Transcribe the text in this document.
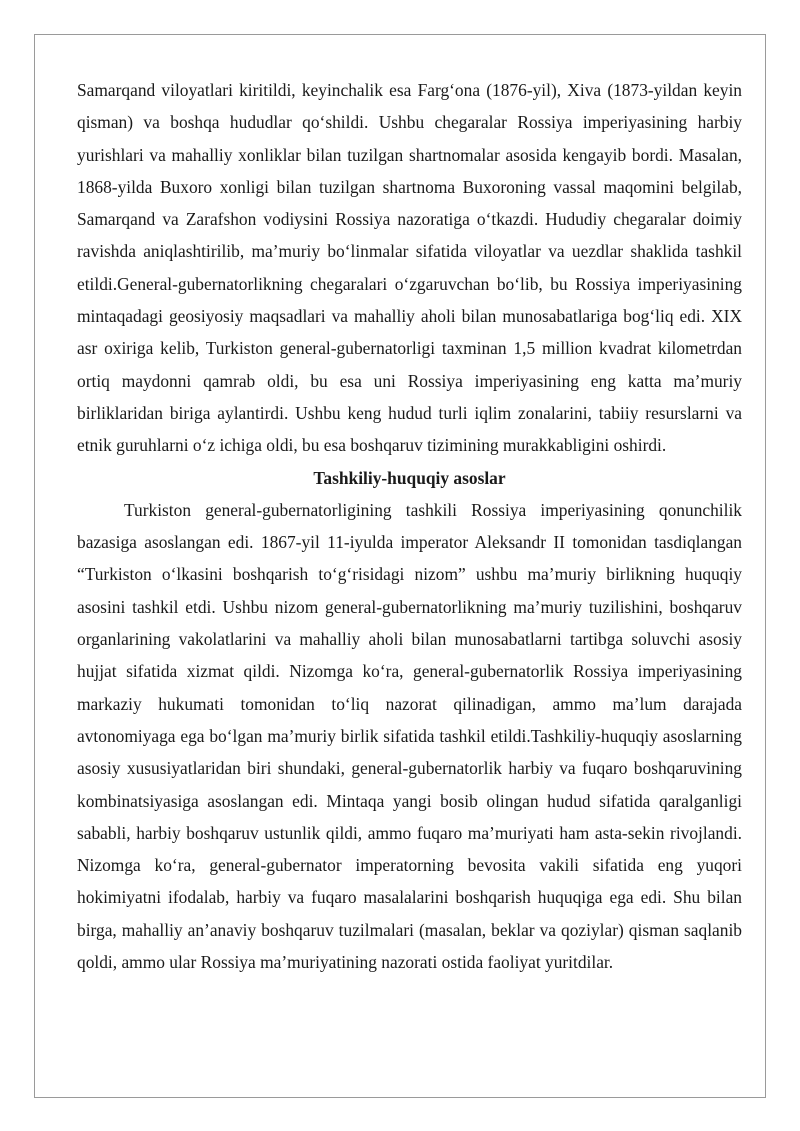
Samarqand viloyatlari kiritildi, keyinchalik esa Farg‘ona (1876-yil), Xiva (1873-yildan keyin qisman) va boshqa hududlar qo‘shildi. Ushbu chegaralar Rossiya imperiyasining harbiy yurishlari va mahalliy xonliklar bilan tuzilgan shartnomalar asosida kengayib bordi. Masalan, 1868-yilda Buxoro xonligi bilan tuzilgan shartnoma Buxoroning vassal maqomini belgilab, Samarqand va Zarafshon vodiysini Rossiya nazoratiga o‘tkazdi. Hududiy chegaralar doimiy ravishda aniqlashtirilib, ma’muriy bo‘linmalar sifatida viloyatlar va uezdlar shaklida tashkil etildi.General-gubernatorlikning chegaralari o‘zgaruvchan bo‘lib, bu Rossiya imperiyasining mintaqadagi geosiyosiy maqsadlari va mahalliy aholi bilan munosabatlariga bog‘liq edi. XIX asr oxiriga kelib, Turkiston general-gubernatorligi taxminan 1,5 million kvadrat kilometrdan ortiq maydonni qamrab oldi, bu esa uni Rossiya imperiyasining eng katta ma’muriy birliklaridan biriga aylantirdi. Ushbu keng hudud turli iqlim zonalarini, tabiiy resurslarni va etnik guruhlarni o‘z ichiga oldi, bu esa boshqaruv tizimining murakkabligini oshirdi.

Tashkiliy-huquqiy asoslar

Turkiston general-gubernatorligining tashkili Rossiya imperiyasining qonunchilik bazasiga asoslangan edi. 1867-yil 11-iyulda imperator Aleksandr II tomonidan tasdiqlangan “Turkiston o‘lkasini boshqarish to‘g‘risidagi nizom” ushbu ma’muriy birlikning huquqiy asosini tashkil etdi. Ushbu nizom general-gubernatorlikning ma’muriy tuzilishini, boshqaruv organlarining vakolatlarini va mahalliy aholi bilan munosabatlarni tartibga soluvchi asosiy hujjat sifatida xizmat qildi. Nizomga ko‘ra, general-gubernatorlik Rossiya imperiyasining markaziy hukumati tomonidan to‘liq nazorat qilinadigan, ammo ma’lum darajada avtonomiyaga ega bo‘lgan ma’muriy birlik sifatida tashkil etildi.Tashkiliy-huquqiy asoslarning asosiy xususiyatlaridan biri shundaki, general-gubernatorlik harbiy va fuqaro boshqaruvining kombinatsiyasiga asoslangan edi. Mintaqa yangi bosib olingan hudud sifatida qaralganligi sababli, harbiy boshqaruv ustunlik qildi, ammo fuqaro ma’muriyati ham asta-sekin rivojlandi. Nizomga ko‘ra, general-gubernator imperatorning bevosita vakili sifatida eng yuqori hokimiyatni ifodalab, harbiy va fuqaro masalalarini boshqarish huquqiga ega edi. Shu bilan birga, mahalliy an’anaviy boshqaruv tuzilmalari (masalan, beklar va qoziylar) qisman saqlanib qoldi, ammo ular Rossiya ma’muriyatining nazorati ostida faoliyat yuritdilar.
